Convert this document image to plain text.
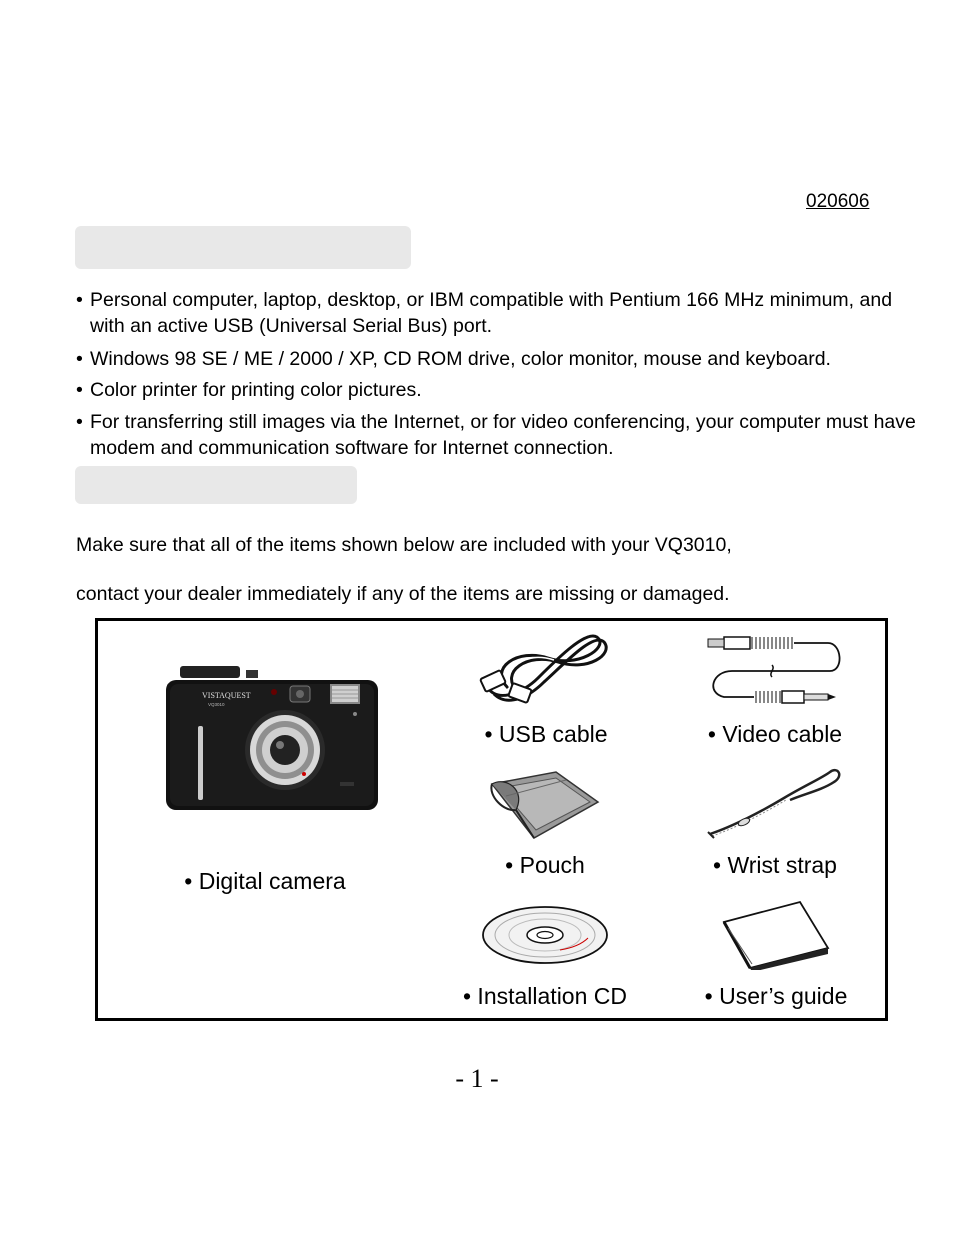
020606
• Personal computer, laptop, desktop, or IBM compatible with Pentium 166 MHz minimum, and with an active USB (Universal Serial Bus) port.
• Windows 98 SE / ME / 2000 / XP, CD ROM drive, color monitor, mouse and keyboard.
• Color printer for printing color pictures.
• For transferring still images via the Internet, or for video conferencing, your computer must have modem and communication software for Internet connection.
Make sure that all of the items shown below are included with your VQ3010,
contact your dealer immediately if any of the items are missing or damaged.
VISTAQUEST
VQ3010
• USB cable	• Video cable
• Pouch	• Wrist strap
• Digital camera
• Installation CD	• User’s guide
- 1 -
